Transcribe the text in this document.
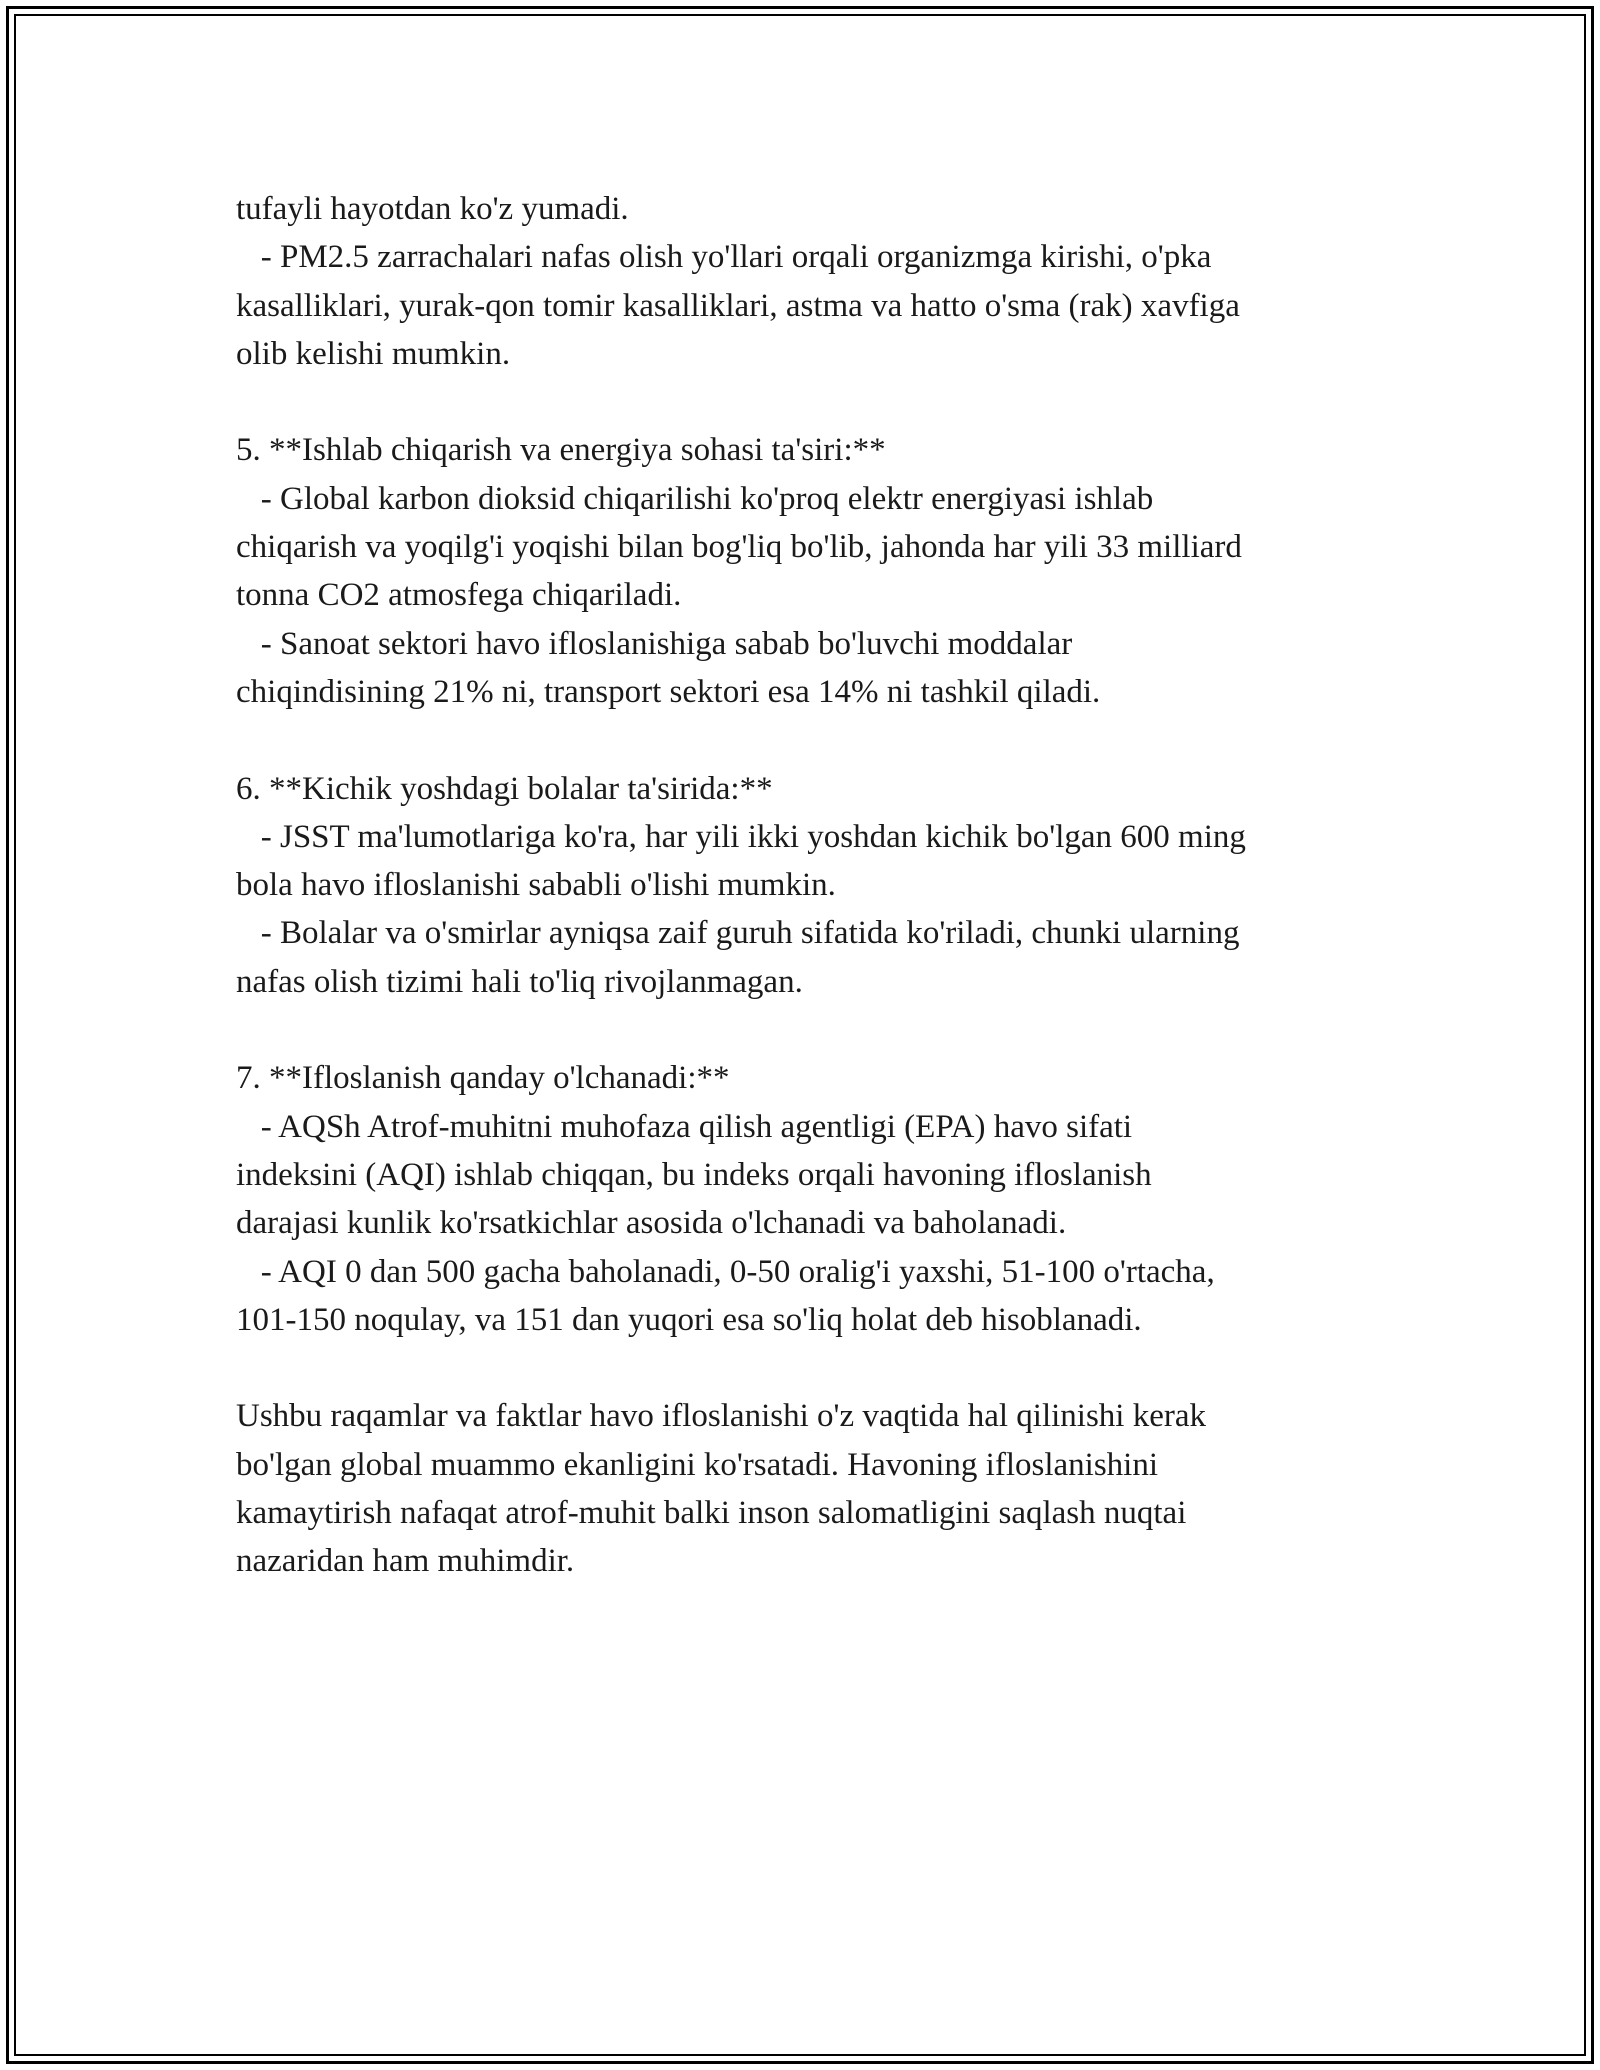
tufayli hayotdan ko'z yumadi.
- PM2.5 zarrachalari nafas olish yo'llari orqali organizmga kirishi, o'pka
kasalliklari, yurak-qon tomir kasalliklari, astma va hatto o'sma (rak) xavfiga
olib kelishi mumkin.
5. **Ishlab chiqarish va energiya sohasi ta'siri:**
- Global karbon dioksid chiqarilishi ko'proq elektr energiyasi ishlab
chiqarish va yoqilg'i yoqishi bilan bog'liq bo'lib, jahonda har yili 33 milliard
tonna CO2 atmosfega chiqariladi.
- Sanoat sektori havo ifloslanishiga sabab bo'luvchi moddalar
chiqindisining 21% ni, transport sektori esa 14% ni tashkil qiladi.
6. **Kichik yoshdagi bolalar ta'sirida:**
- JSST ma'lumotlariga ko'ra, har yili ikki yoshdan kichik bo'lgan 600 ming
bola havo ifloslanishi sababli o'lishi mumkin.
- Bolalar va o'smirlar ayniqsa zaif guruh sifatida ko'riladi, chunki ularning
nafas olish tizimi hali to'liq rivojlanmagan.
7. **Ifloslanish qanday o'lchanadi:**
- AQSh Atrof-muhitni muhofaza qilish agentligi (EPA) havo sifati
indeksini (AQI) ishlab chiqqan, bu indeks orqali havoning ifloslanish
darajasi kunlik ko'rsatkichlar asosida o'lchanadi va baholanadi.
- AQI 0 dan 500 gacha baholanadi, 0-50 oralig'i yaxshi, 51-100 o'rtacha,
101-150 noqulay, va 151 dan yuqori esa so'liq holat deb hisoblanadi.
Ushbu raqamlar va faktlar havo ifloslanishi o'z vaqtida hal qilinishi kerak
bo'lgan global muammo ekanligini ko'rsatadi. Havoning ifloslanishini
kamaytirish nafaqat atrof-muhit balki inson salomatligini saqlash nuqtai
nazaridan ham muhimdir.
